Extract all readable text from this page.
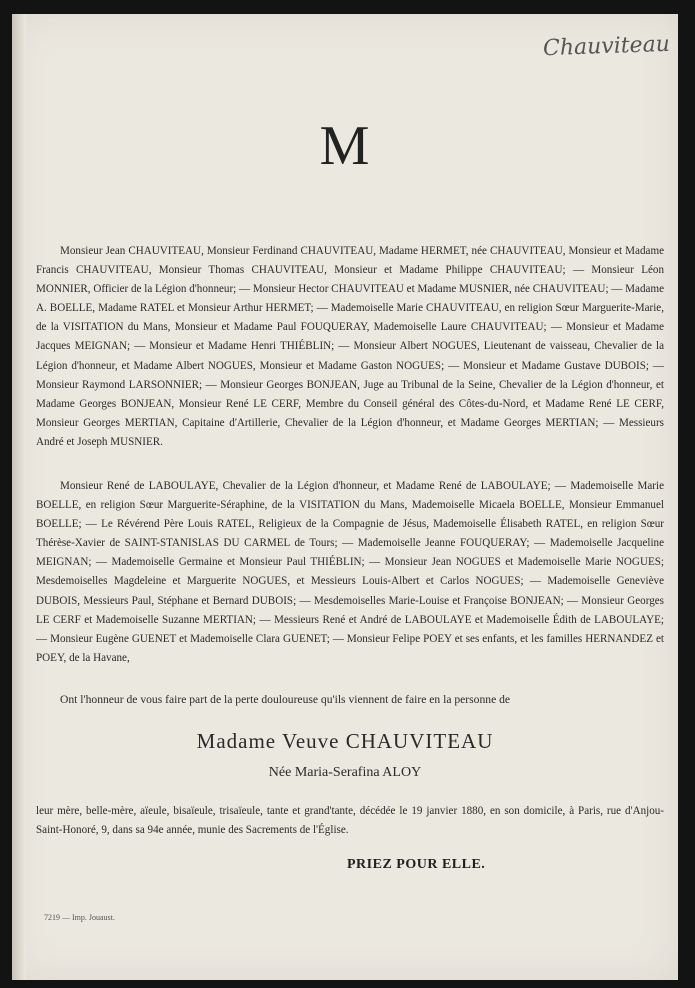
Chauviteau
M

Monsieur Jean CHAUVITEAU, Monsieur Ferdinand CHAUVITEAU, Madame HERMET, née CHAUVITEAU, Monsieur et Madame Francis CHAUVITEAU, Monsieur Thomas CHAUVITEAU, Monsieur et Madame Philippe CHAUVITEAU; — Monsieur Léon MONNIER, Officier de la Légion d'honneur; — Monsieur Hector CHAUVITEAU et Madame MUSNIER, née CHAUVITEAU; — Madame A. BOELLE, Madame RATEL et Monsieur Arthur HERMET; — Mademoiselle Marie CHAUVITEAU, en religion Sœur Marguerite-Marie, de la VISITATION du Mans, Monsieur et Madame Paul FOUQUERAY, Mademoiselle Laure CHAUVITEAU; — Monsieur et Madame Jacques MEIGNAN; — Monsieur et Madame Henri THIÉBLIN; — Monsieur Albert NOGUES, Lieutenant de vaisseau, Chevalier de la Légion d'honneur, et Madame Albert NOGUES, Monsieur et Madame Gaston NOGUES; — Monsieur et Madame Gustave DUBOIS; — Monsieur Raymond LARSONNIER; — Monsieur Georges BONJEAN, Juge au Tribunal de la Seine, Chevalier de la Légion d'honneur, et Madame Georges BONJEAN, Monsieur René LE CERF, Membre du Conseil général des Côtes-du-Nord, et Madame René LE CERF, Monsieur Georges MERTIAN, Capitaine d'Artillerie, Chevalier de la Légion d'honneur, et Madame Georges MERTIAN; — Messieurs André et Joseph MUSNIER.

Monsieur René de LABOULAYE, Chevalier de la Légion d'honneur, et Madame René de LABOULAYE; — Mademoiselle Marie BOELLE, en religion Sœur Marguerite-Séraphine, de la VISITATION du Mans, Mademoiselle Micaela BOELLE, Monsieur Emmanuel BOELLE; — Le Révérend Père Louis RATEL, Religieux de la Compagnie de Jésus, Mademoiselle Élisabeth RATEL, en religion Sœur Thérèse-Xavier de SAINT-STANISLAS DU CARMEL de Tours; — Mademoiselle Jeanne FOUQUERAY; — Mademoiselle Jacqueline MEIGNAN; — Mademoiselle Germaine et Monsieur Paul THIÉBLIN; — Monsieur Jean NOGUES et Mademoiselle Marie NOGUES; Mesdemoiselles Magdeleine et Marguerite NOGUES, et Messieurs Louis-Albert et Carlos NOGUES; — Mademoiselle Geneviève DUBOIS, Messieurs Paul, Stéphane et Bernard DUBOIS; — Mesdemoiselles Marie-Louise et Françoise BONJEAN; — Monsieur Georges LE CERF et Mademoiselle Suzanne MERTIAN; — Messieurs René et André de LABOULAYE et Mademoiselle Édith de LABOULAYE; — Monsieur Eugène GUENET et Mademoiselle Clara GUENET; — Monsieur Felipe POEY et ses enfants, et les familles HERNANDEZ et POEY, de la Havane,

Ont l'honneur de vous faire part de la perte douloureuse qu'ils viennent de faire en la personne de
Madame Veuve CHAUVITEAU
Née Maria-Serafina ALOY
leur mère, belle-mère, aïeule, bisaïeule, trisaïeule, tante et grand'tante, décédée le 19 janvier 1880, en son domicile, à Paris, rue d'Anjou-Saint-Honoré, 9, dans sa 94e année, munie des Sacrements de l'Église.
PRIEZ POUR ELLE.
7219 — Imp. Jouaust.
